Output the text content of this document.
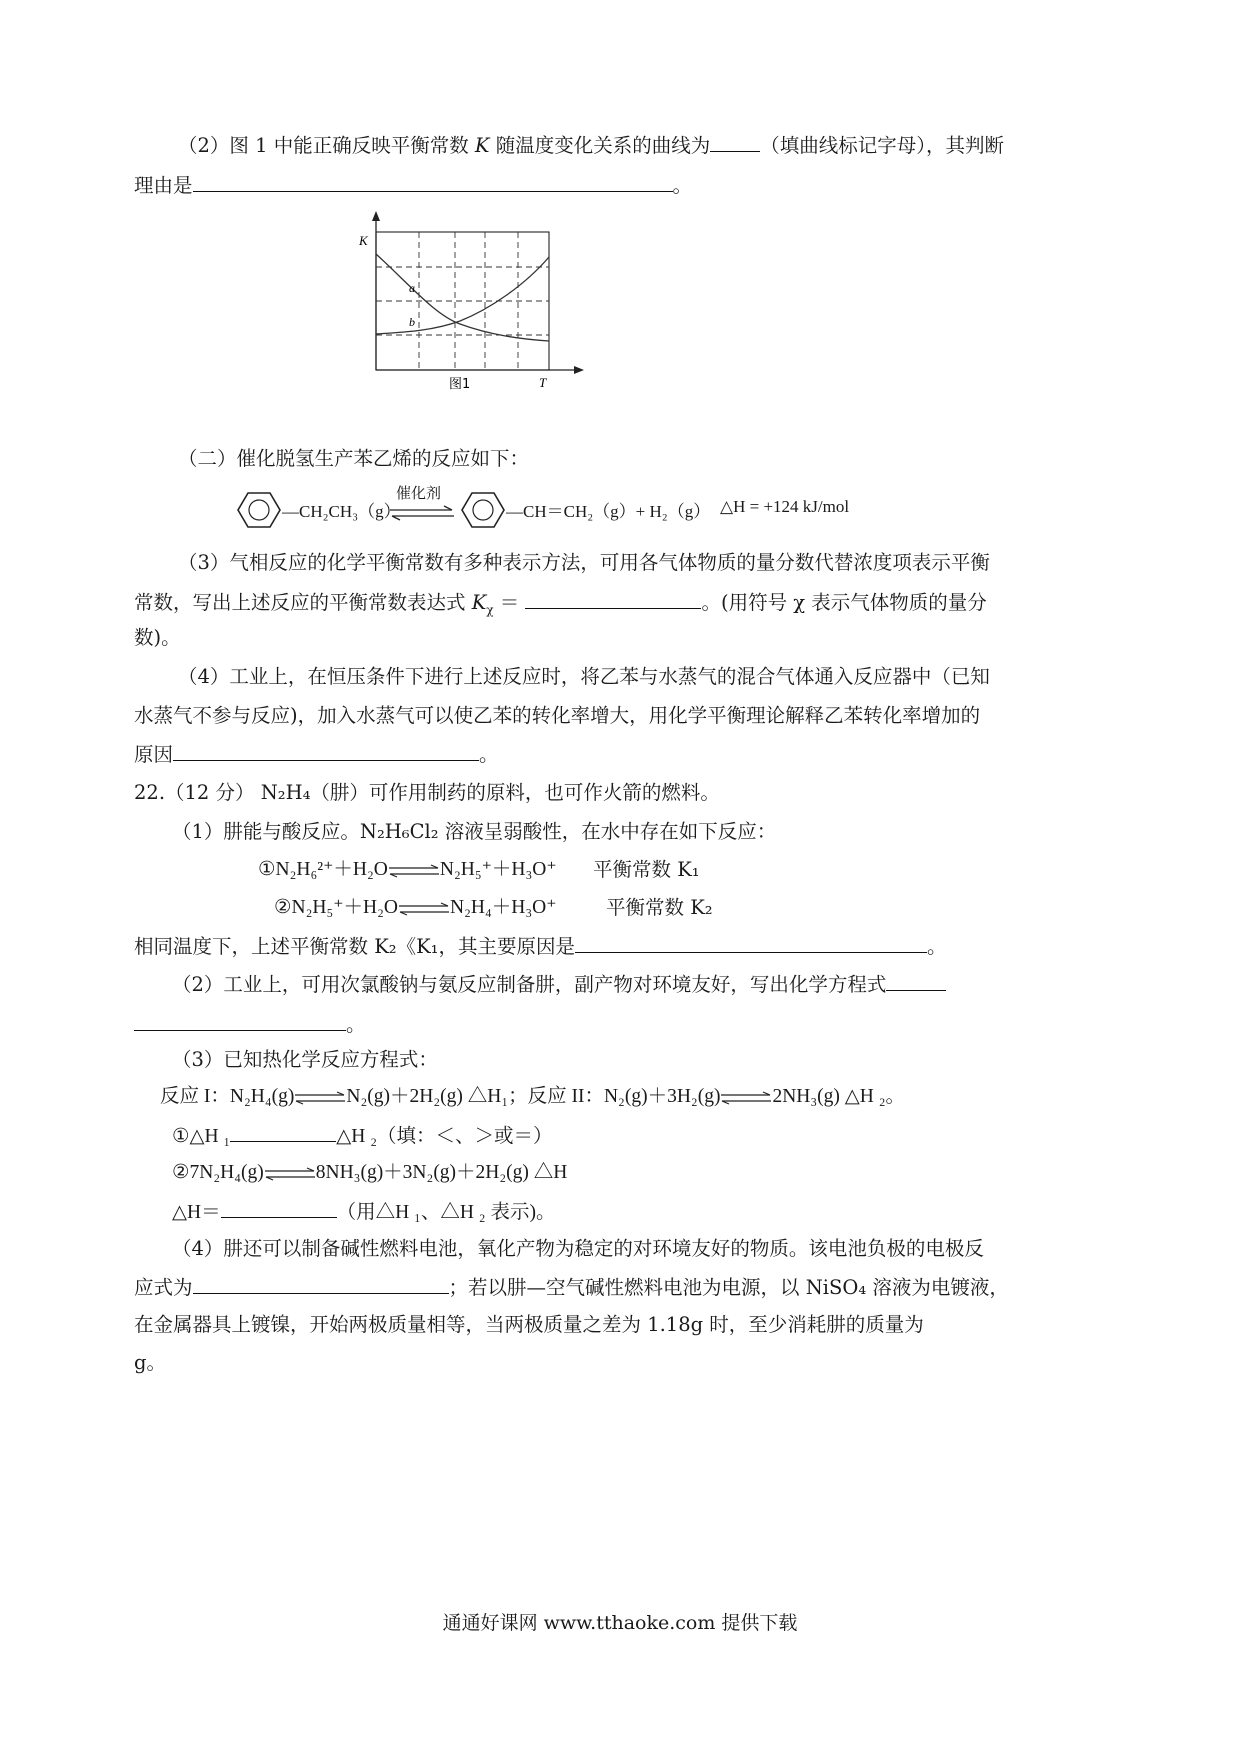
（2）图 1 中能正确反映平衡常数 K 随温度变化关系的曲线为	（填曲线标记字母），其判断
理由是	。
K
T
a
b
图1
（二）催化脱氢生产苯乙烯的反应如下：
—CH₂CH₃（g）
催化剂
—CH＝CH₂（g）+ H₂（g） △H = +124 kJ/mol
（3）气相反应的化学平衡常数有多种表示方法，可用各气体物质的量分数代替浓度项表示平衡
常数，写出上述反应的平衡常数表达式 $K_\chi$ ＝	。(用符号 χ 表示气体物质的量分
数)。
（4）工业上，在恒压条件下进行上述反应时，将乙苯与水蒸气的混合气体通入反应器中（已知
水蒸气不参与反应)，加入水蒸气可以使乙苯的转化率增大，用化学平衡理论解释乙苯转化率增加的
原因	。
22.（12 分） N₂H₄（肼）可作用制药的原料，也可作火箭的燃料。
（1）肼能与酸反应。N₂H₆Cl₂ 溶液呈弱酸性，在水中存在如下反应：
①N₂H₆²⁺＋H₂O⇌N₂H₅⁺＋H₃O⁺ 平衡常数 K₁
②N₂H₅⁺＋H₂O⇌N₂H₄＋H₃O⁺	平衡常数 K₂
相同温度下，上述平衡常数 K₂《K₁，其主要原因是	。
（2）工业上，可用次氯酸钠与氨反应制备肼，副产物对环境友好，写出化学方程式
。
（3）已知热化学反应方程式：
反应 I：N₂H₄(g)⇌N₂(g)＋2H₂(g) △H₁；反应 II：N₂(g)＋3H₂(g)⇌2NH₃(g) △H ₂。
①△H ₁	△H ₂（填：＜、＞或＝）
②7N₂H₄(g)⇌8NH₃(g)＋3N₂(g)＋2H₂(g) △H
△H＝	（用△H ₁、△H ₂ 表示)。
（4）肼还可以制备碱性燃料电池，氧化产物为稳定的对环境友好的物质。该电池负极的电极反
应式为	；若以肼—空气碱性燃料电池为电源，以 NiSO₄ 溶液为电镀液，
在金属器具上镀镍，开始两极质量相等，当两极质量之差为 1.18g 时，至少消耗肼的质量为
g。
通通好课网 www.tthaoke.com 提供下载
